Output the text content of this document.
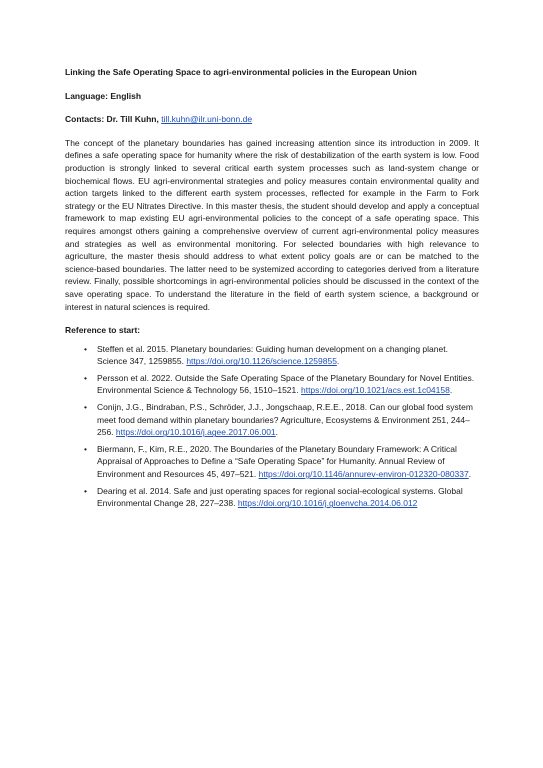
Linking the Safe Operating Space to agri-environmental policies in the European Union

Language: English

Contacts: Dr. Till Kuhn, till.kuhn@ilr.uni-bonn.de

The concept of the planetary boundaries has gained increasing attention since its introduction in 2009. It defines a safe operating space for humanity where the risk of destabilization of the earth system is low. Food production is strongly linked to several critical earth system processes such as land-system change or biochemical flows. EU agri-environmental strategies and policy measures contain environmental quality and action targets linked to the different earth system processes, reflected for example in the Farm to Fork strategy or the EU Nitrates Directive. In this master thesis, the student should develop and apply a conceptual framework to map existing EU agri-environmental policies to the concept of a safe operating space. This requires amongst others gaining a comprehensive overview of current agri-environmental policy measures and strategies as well as environmental monitoring. For selected boundaries with high relevance to agriculture, the master thesis should address to what extent policy goals are or can be matched to the science-based boundaries. The latter need to be systemized according to categories derived from a literature review. Finally, possible shortcomings in agri-environmental policies should be discussed in the context of the save operating space. To understand the literature in the field of earth system science, a background or interest in natural sciences is required.

Reference to start:

• Steffen et al. 2015. Planetary boundaries: Guiding human development on a changing planet. Science 347, 1259855. https://doi.org/10.1126/science.1259855.
• Persson et al. 2022. Outside the Safe Operating Space of the Planetary Boundary for Novel Entities. Environmental Science & Technology 56, 1510–1521. https://doi.org/10.1021/acs.est.1c04158.
• Conijn, J.G., Bindraban, P.S., Schröder, J.J., Jongschaap, R.E.E., 2018. Can our global food system meet food demand within planetary boundaries? Agriculture, Ecosystems & Environment 251, 244–256. https://doi.org/10.1016/j.agee.2017.06.001.
• Biermann, F., Kim, R.E., 2020. The Boundaries of the Planetary Boundary Framework: A Critical Appraisal of Approaches to Define a “Safe Operating Space” for Humanity. Annual Review of Environment and Resources 45, 497–521. https://doi.org/10.1146/annurev-environ-012320-080337.
• Dearing et al. 2014. Safe and just operating spaces for regional social-ecological systems. Global Environmental Change 28, 227–238. https://doi.org/10.1016/j.gloenvcha.2014.06.012
